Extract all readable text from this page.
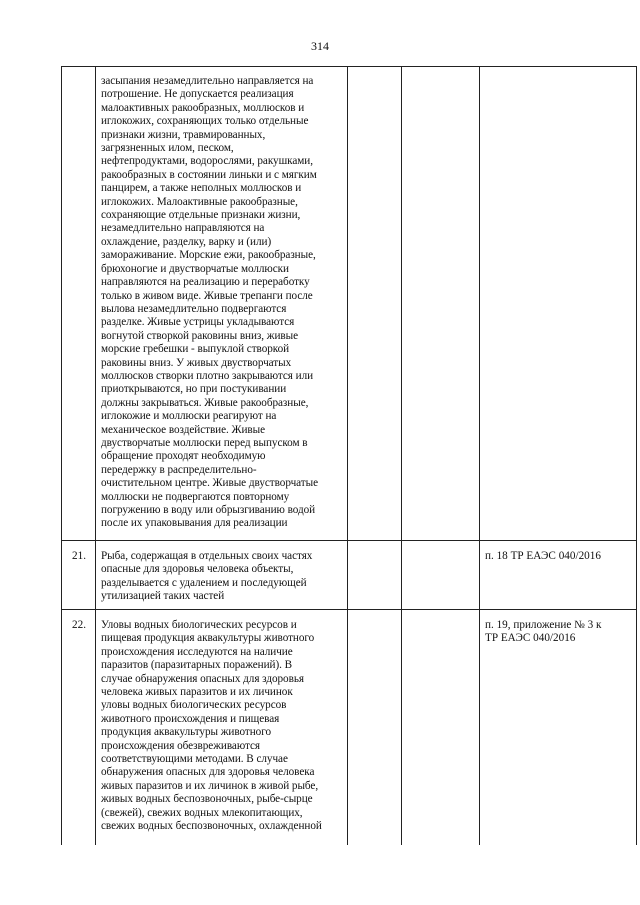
314
засыпания незамедлительно направляется на
потрошение. Не допускается реализация
малоактивных ракообразных, моллюсков и
иглокожих, сохраняющих только отдельные
признаки жизни, травмированных,
загрязненных илом, песком,
нефтепродуктами, водорослями, ракушками,
ракообразных в состоянии линьки и с мягким
панцирем, а также неполных моллюсков и
иглокожих. Малоактивные ракообразные,
сохраняющие отдельные признаки жизни,
незамедлительно направляются на
охлаждение, разделку, варку и (или)
замораживание. Морские ежи, ракообразные,
брюхоногие и двустворчатые моллюски
направляются на реализацию и переработку
только в живом виде. Живые трепанги после
вылова незамедлительно подвергаются
разделке. Живые устрицы укладываются
вогнутой створкой раковины вниз, живые
морские гребешки - выпуклой створкой
раковины вниз. У живых двустворчатых
моллюсков створки плотно закрываются или
приоткрываются, но при постукивании
должны закрываться. Живые ракообразные,
иглокожие и моллюски реагируют на
механическое воздействие. Живые
двустворчатые моллюски перед выпуском в
обращение проходят необходимую
передержку в распределительно-
очистительном центре. Живые двустворчатые
моллюски не подвергаются повторному
погружению в воду или обрызгиванию водой
после их упаковывания для реализации
21.	Рыба, содержащая в отдельных своих частях
опасные для здоровья человека объекты,
разделывается с удалением и последующей
утилизацией таких частей
п. 18 ТР ЕАЭС 040/2016
22.	Уловы водных биологических ресурсов и
пищевая продукция аквакультуры животного
происхождения исследуются на наличие
паразитов (паразитарных поражений). В
случае обнаружения опасных для здоровья
человека живых паразитов и их личинок
уловы водных биологических ресурсов
животного происхождения и пищевая
продукция аквакультуры животного
происхождения обезвреживаются
соответствующими методами. В случае
обнаружения опасных для здоровья человека
живых паразитов и их личинок в живой рыбе,
живых водных беспозвоночных, рыбе-сырце
(свежей), свежих водных млекопитающих,
свежих водных беспозвоночных, охлажденной
п. 19, приложение № 3 к
ТР ЕАЭС 040/2016
